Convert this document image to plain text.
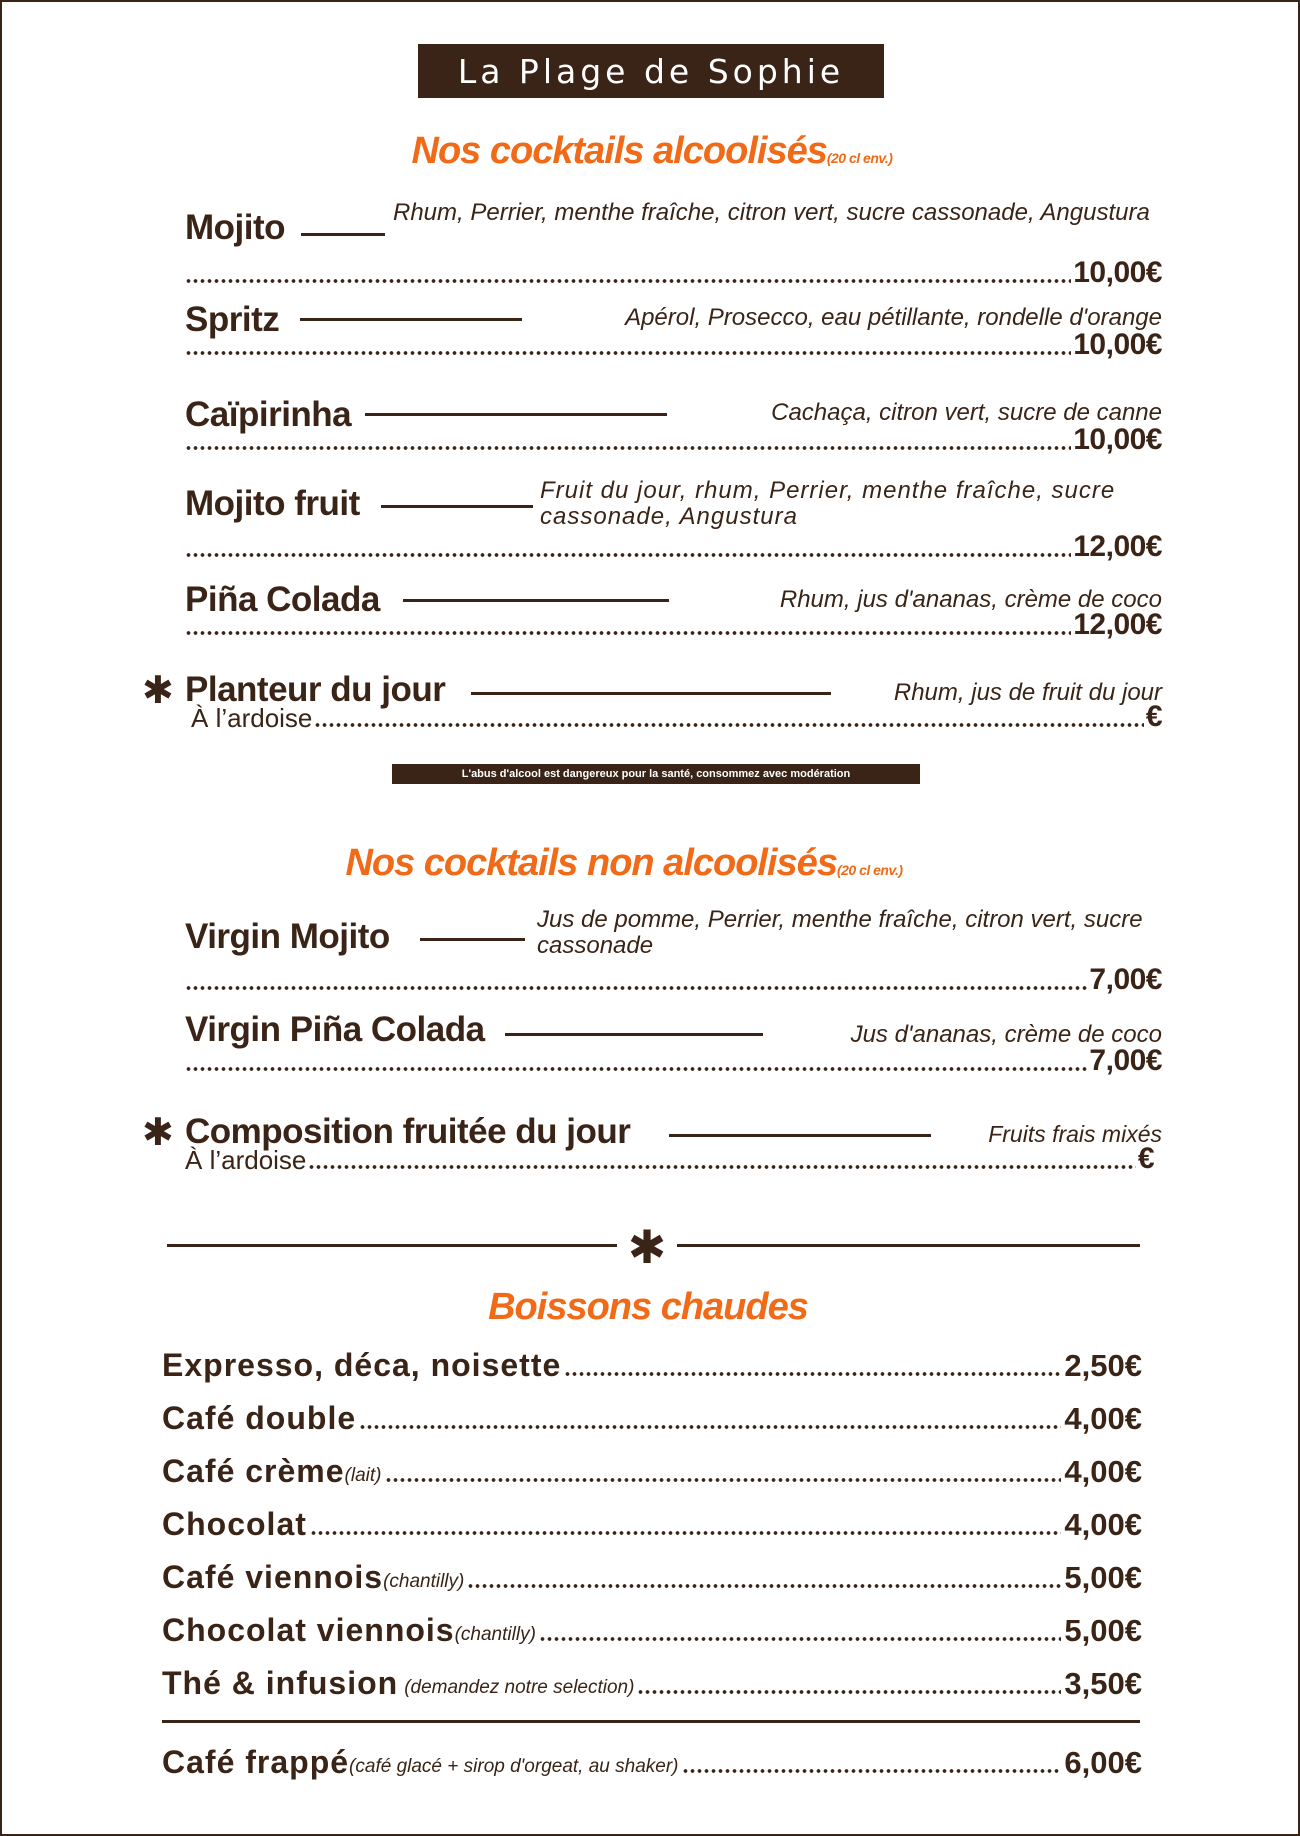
La Plage de Sophie
Nos cocktails alcoolisés(20 cl env.)
Mojito	Rhum, Perrier, menthe fraîche, citron vert, sucre cassonade, Angustura
10,00€
Spritz	Apérol, Prosecco, eau pétillante, rondelle d'orange
10,00€
Caïpirinha	Cachaça, citron vert, sucre de canne
10,00€
Mojito fruit	Fruit du jour, rhum, Perrier, menthe fraîche, sucre cassonade, Angustura
12,00€
Piña Colada	Rhum, jus d'ananas, crème de coco
12,00€
✱ Planteur du jour	Rhum, jus de fruit du jour
À l’ardoise	€
L'abus d'alcool est dangereux pour la santé, consommez avec modération
Nos cocktails non alcoolisés(20 cl env.)
Virgin Mojito	Jus de pomme, Perrier, menthe fraîche, citron vert, sucre cassonade
7,00€
Virgin Piña Colada	Jus d'ananas, crème de coco
7,00€
✱ Composition fruitée du jour	Fruits frais mixés
À l’ardoise	€
✱
Boissons chaudes
Expresso, déca, noisette	2,50€
Café double	4,00€
Café crème (lait)	4,00€
Chocolat	4,00€
Café viennois (chantilly)	5,00€
Chocolat viennois (chantilly)	5,00€
Thé & infusion (demandez notre selection)	3,50€
Café frappé (café glacé + sirop d'orgeat, au shaker)	6,00€
